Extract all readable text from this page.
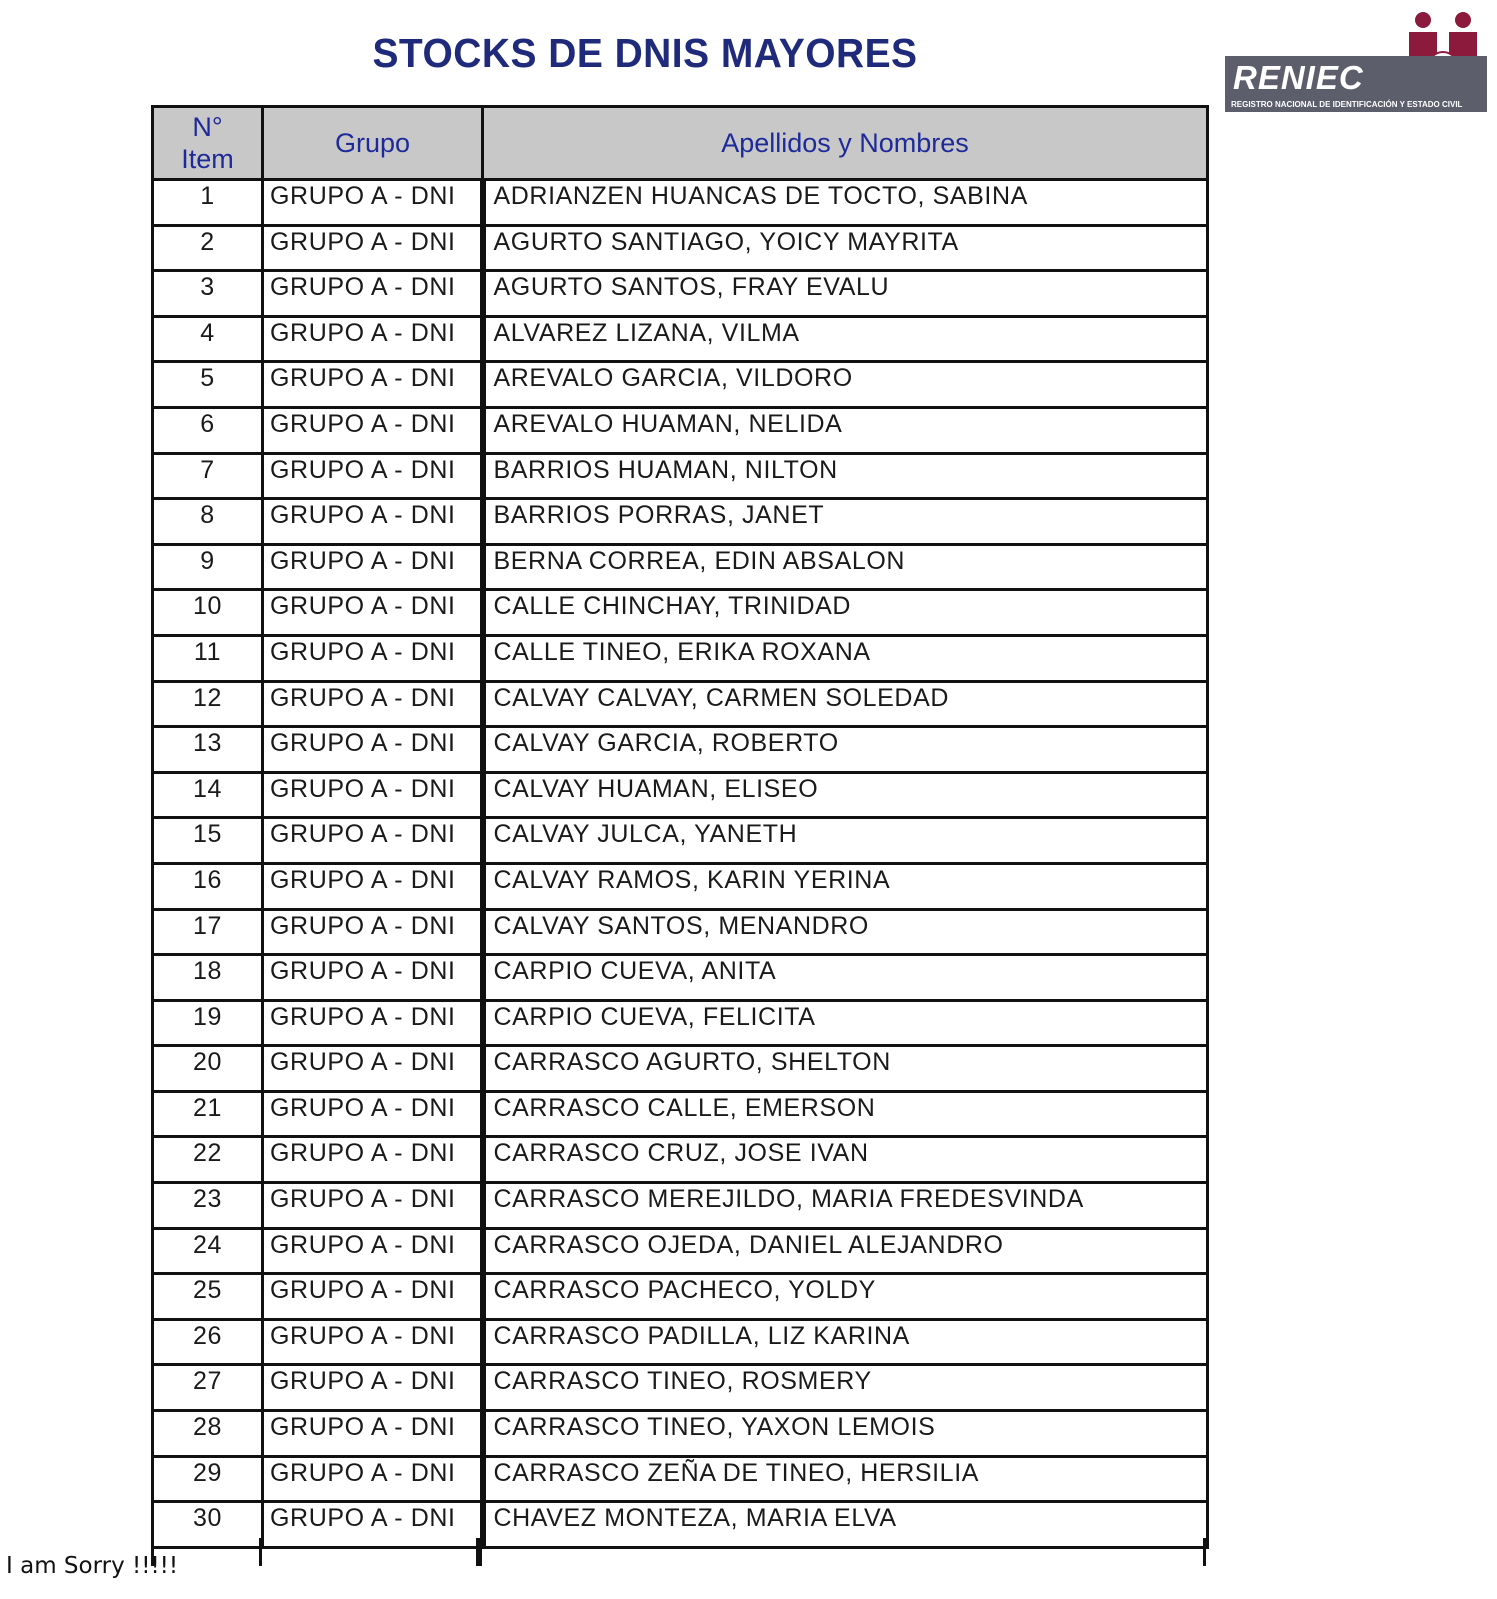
STOCKS DE DNIS MAYORES
RENIEC
REGISTRO NACIONAL DE IDENTIFICACIÓN Y ESTADO CIVIL
N°
Item	Grupo	Apellidos y Nombres
1	GRUPO A - DNI	ADRIANZEN HUANCAS DE TOCTO, SABINA
2	GRUPO A - DNI	AGURTO SANTIAGO, YOICY MAYRITA
3	GRUPO A - DNI	AGURTO SANTOS, FRAY EVALU
4	GRUPO A - DNI	ALVAREZ LIZANA, VILMA
5	GRUPO A - DNI	AREVALO GARCIA, VILDORO
6	GRUPO A - DNI	AREVALO HUAMAN, NELIDA
7	GRUPO A - DNI	BARRIOS HUAMAN, NILTON
8	GRUPO A - DNI	BARRIOS PORRAS, JANET
9	GRUPO A - DNI	BERNA CORREA, EDIN ABSALON
10	GRUPO A - DNI	CALLE CHINCHAY, TRINIDAD
11	GRUPO A - DNI	CALLE TINEO, ERIKA ROXANA
12	GRUPO A - DNI	CALVAY CALVAY, CARMEN SOLEDAD
13	GRUPO A - DNI	CALVAY GARCIA, ROBERTO
14	GRUPO A - DNI	CALVAY HUAMAN, ELISEO
15	GRUPO A - DNI	CALVAY JULCA, YANETH
16	GRUPO A - DNI	CALVAY RAMOS, KARIN YERINA
17	GRUPO A - DNI	CALVAY SANTOS, MENANDRO
18	GRUPO A - DNI	CARPIO CUEVA, ANITA
19	GRUPO A - DNI	CARPIO CUEVA, FELICITA
20	GRUPO A - DNI	CARRASCO AGURTO, SHELTON
21	GRUPO A - DNI	CARRASCO CALLE, EMERSON
22	GRUPO A - DNI	CARRASCO CRUZ, JOSE IVAN
23	GRUPO A - DNI	CARRASCO MEREJILDO, MARIA FREDESVINDA
24	GRUPO A - DNI	CARRASCO OJEDA, DANIEL ALEJANDRO
25	GRUPO A - DNI	CARRASCO PACHECO, YOLDY
26	GRUPO A - DNI	CARRASCO PADILLA, LIZ KARINA
27	GRUPO A - DNI	CARRASCO TINEO, ROSMERY
28	GRUPO A - DNI	CARRASCO TINEO, YAXON LEMOIS
29	GRUPO A - DNI	CARRASCO ZEÑA DE TINEO, HERSILIA
30	GRUPO A - DNI	CHAVEZ MONTEZA, MARIA ELVA
I am Sorry !!!!!
